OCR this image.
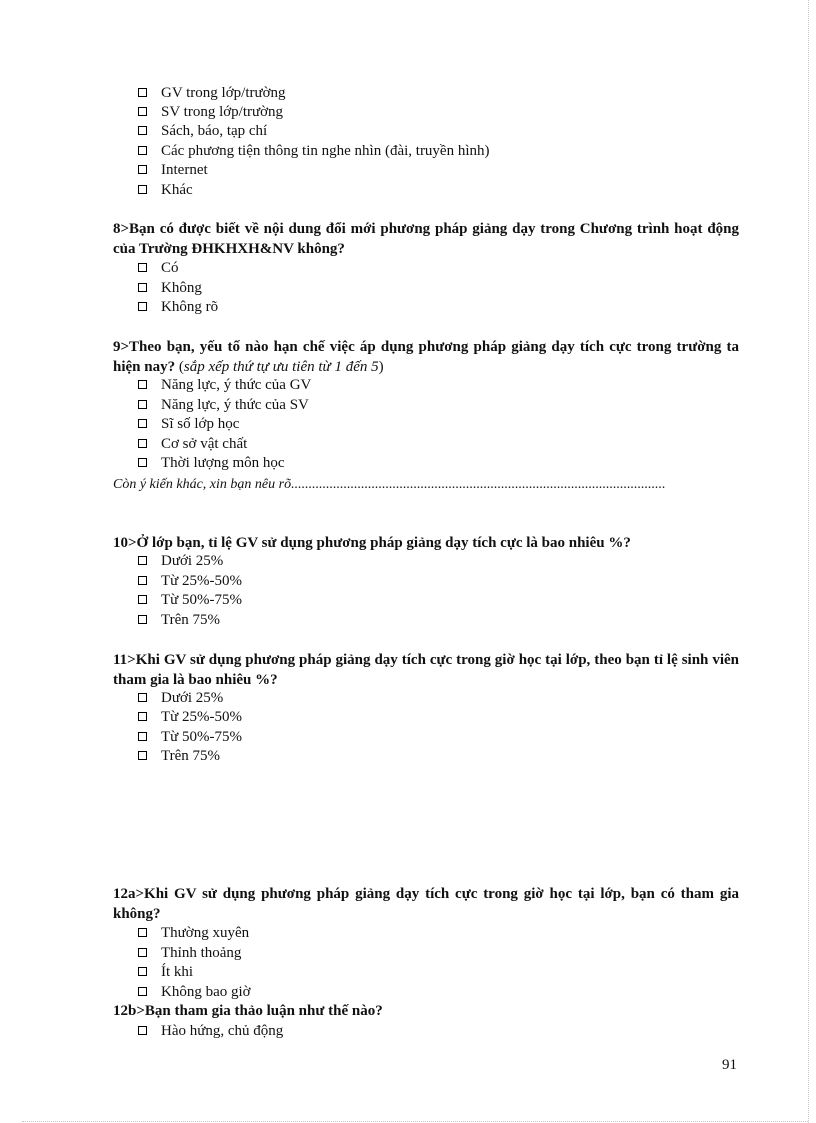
GV trong lớp/trường
SV trong lớp/trường
Sách, báo, tạp chí
Các phương tiện thông tin nghe nhìn (đài, truyền hình)
Internet
Khác
8>Bạn có được biết về nội dung đổi mới phương pháp giảng dạy trong Chương trình hoạt động của Trường ĐHKHXH&NV không?
Có
Không
Không rõ
9>Theo bạn, yếu tố nào hạn chế việc áp dụng phương pháp giảng dạy tích cực trong trường ta hiện nay? (sắp xếp thứ tự ưu tiên từ 1 đến 5)
Năng lực, ý thức của GV
Năng lực, ý thức của SV
Sĩ số lớp học
Cơ sở vật chất
Thời lượng môn học
Còn ý kiến khác, xin bạn nêu rõ...........................................................................................................
10>Ở lớp bạn, tỉ lệ GV sử dụng phương pháp giảng dạy tích cực là bao nhiêu %?
Dưới 25%
Từ 25%-50%
Từ 50%-75%
Trên 75%
11>Khi GV sử dụng phương pháp giảng dạy tích cực trong giờ học tại lớp, theo bạn tỉ lệ sinh viên tham gia là bao nhiêu %?
Dưới 25%
Từ 25%-50%
Từ 50%-75%
Trên 75%
12a>Khi GV sử dụng phương pháp giảng dạy tích cực trong giờ học tại lớp, bạn có tham gia không?
Thường xuyên
Thỉnh thoảng
Ít khi
Không bao giờ
12b>Bạn tham gia thảo luận như thế nào?
Hào hứng, chủ động
91
